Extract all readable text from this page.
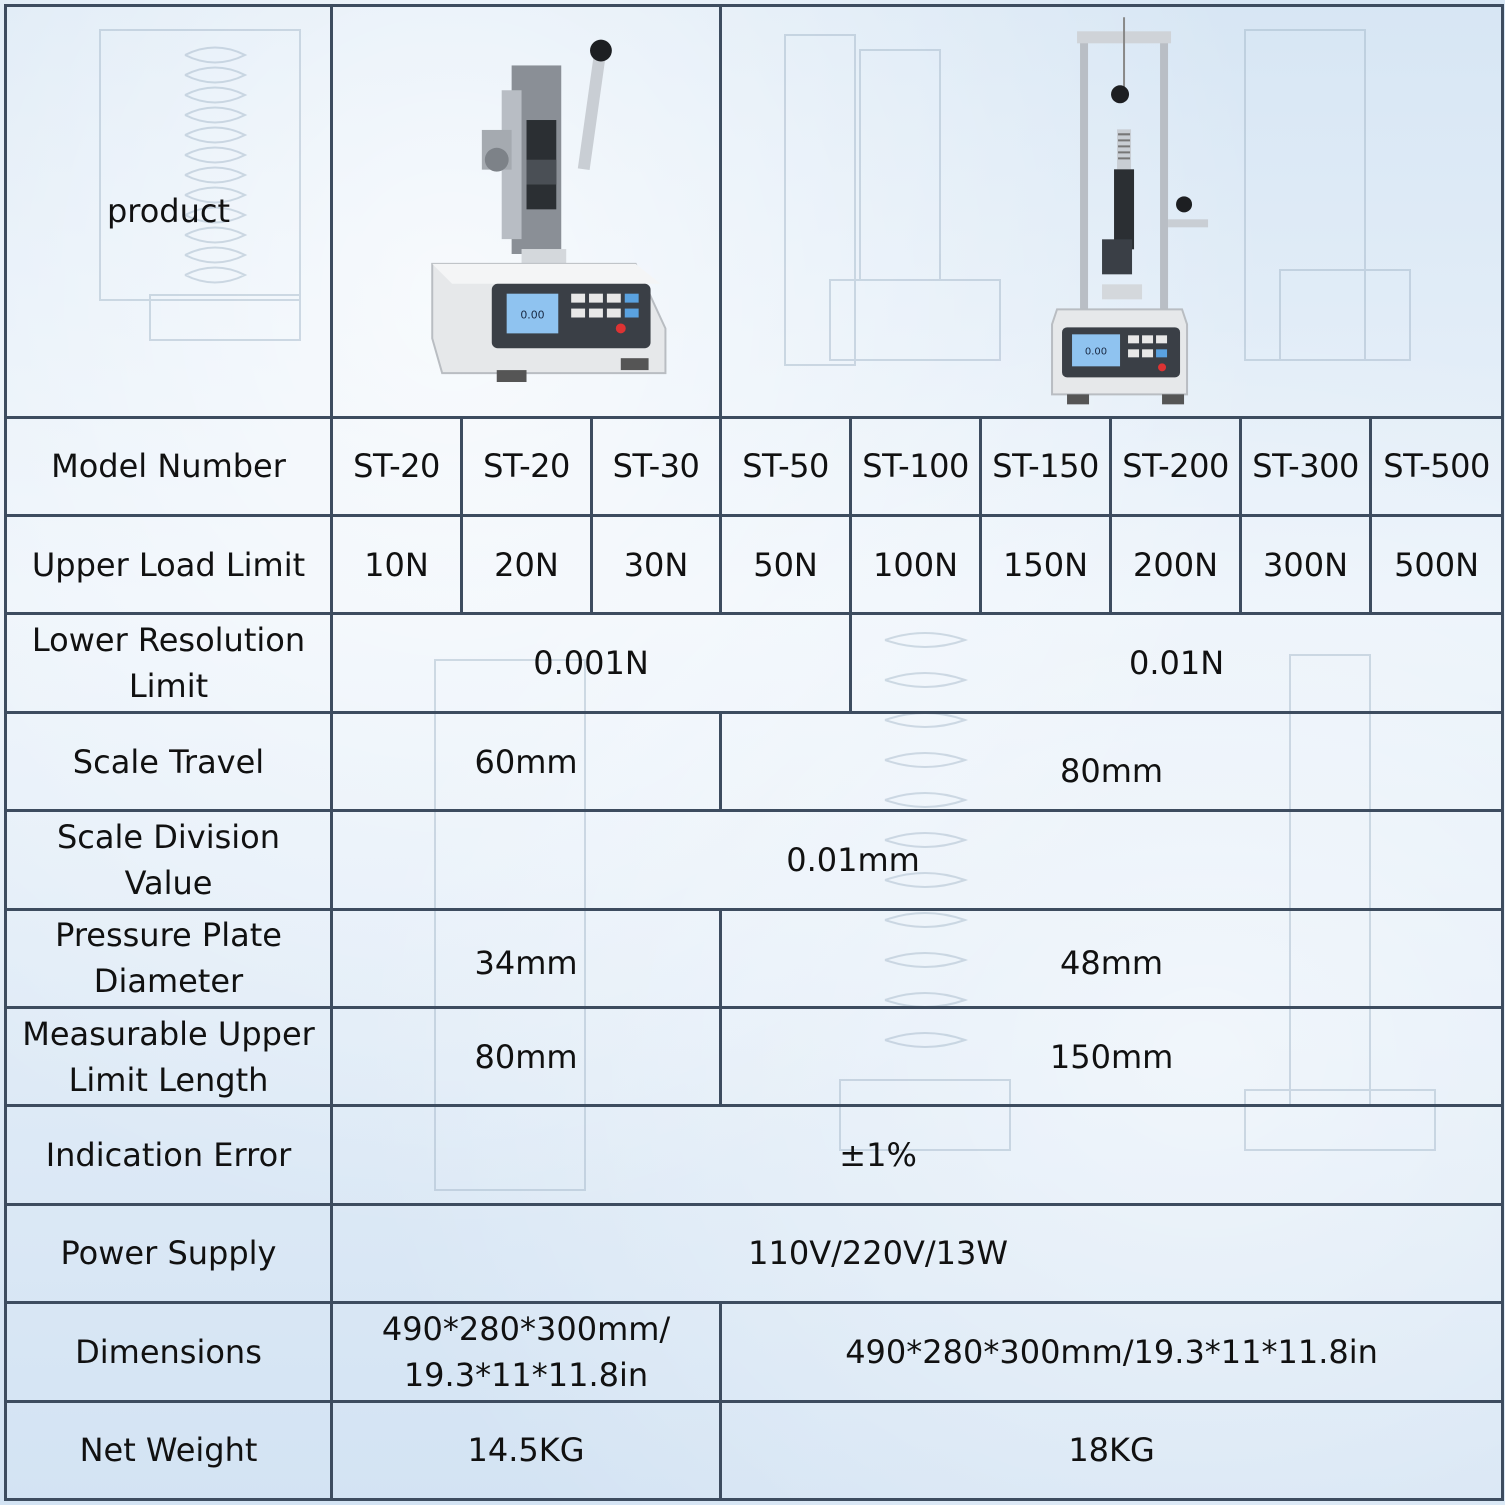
product	0.00			0.00					

Model Number	ST-20	ST-20	ST-30	ST-50	ST-100	ST-150	ST-200	ST-300	ST-500
Upper Load Limit	10N	20N	30N	50N	100N	150N	200N	300N	500N
Lower Resolution
Limit	0.001N				0.01N				
Scale Travel	60mm			80mm					
Scale Division
Value	0.01mm								
Pressure Plate
Diameter	34mm			48mm					
Measurable Upper
Limit Length	80mm			150mm					
Indication Error	±1%								
Power Supply	110V/220V/13W								
Dimensions	490*280*300mm/
19.3*11*11.8in			490*280*300mm/19.3*11*11.8in					
Net Weight	14.5KG			18KG					
